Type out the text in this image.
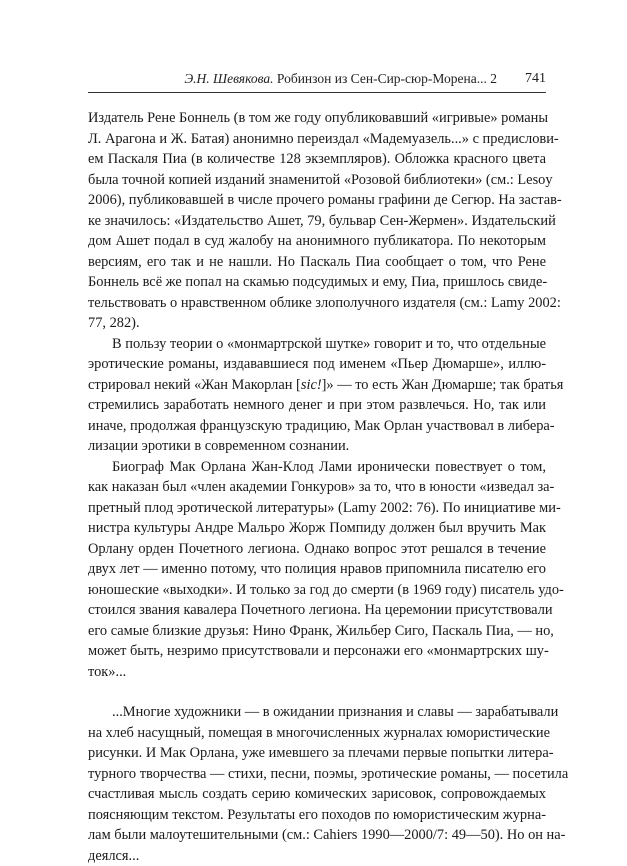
Э.Н. Шевякова. Робинзон из Сен-Сир-сюр-Морена... 2 741
Издатель Рене Боннель (в том же году опубликовавший «игривые» романы
Л. Арагона и Ж. Батая) анонимно переиздал «Мадемуазель...» с предислови-
ем Паскаля Пиа (в количестве 128 экземпляров). Обложка красного цвета
была точной копией изданий знаменитой «Розовой библиотеки» (см.: Lesoy
2006), публиковавшей в числе прочего романы графини де Сегюр. На застав-
ке значилось: «Издательство Ашет, 79, бульвар Сен-Жермен». Издательский
дом Ашет подал в суд жалобу на анонимного публикатора. По некоторым
версиям, его так и не нашли. Но Паскаль Пиа сообщает о том, что Рене
Боннель всё же попал на скамью подсудимых и ему, Пиа, пришлось свиде-
тельствовать о нравственном облике злополучного издателя (см.: Lamy 2002:
77, 282).
В пользу теории о «монмартрской шутке» говорит и то, что отдельные
эротические романы, издававшиеся под именем «Пьер Дюмарше», иллю-
стрировал некий «Жан Макорлан [sic!]» — то есть Жан Дюмарше; так братья
стремились заработать немного денег и при этом развлечься. Но, так или
иначе, продолжая французскую традицию, Мак Орлан участвовал в либера-
лизации эротики в современном сознании.
Биограф Мак Орлана Жан-Клод Лами иронически повествует о том,
как наказан был «член академии Гонкуров» за то, что в юности «изведал за-
претный плод эротической литературы» (Lamy 2002: 76). По инициативе ми-
нистра культуры Андре Мальро Жорж Помпиду должен был вручить Мак
Орлану орден Почетного легиона. Однако вопрос этот решался в течение
двух лет — именно потому, что полиция нравов припомнила писателю его
юношеские «выходки». И только за год до смерти (в 1969 году) писатель удо-
стоился звания кавалера Почетного легиона. На церемонии присутствовали
его самые близкие друзья: Нино Франк, Жильбер Сиго, Паскаль Пиа, — но,
может быть, незримо присутствовали и персонажи его «монмартрских шу-
ток»...
...Многие художники — в ожидании признания и славы — зарабатывали
на хлеб насущный, помещая в многочисленных журналах юмористические
рисунки. И Мак Орлана, уже имевшего за плечами первые попытки литера-
турного творчества — стихи, песни, поэмы, эротические романы, — посетила
счастливая мысль создать серию комических зарисовок, сопровождаемых
поясняющим текстом. Результаты его походов по юмористическим журна-
лам были малоутешительными (см.: Cahiers 1990—2000/7: 49—50). Но он на-
деялся...
